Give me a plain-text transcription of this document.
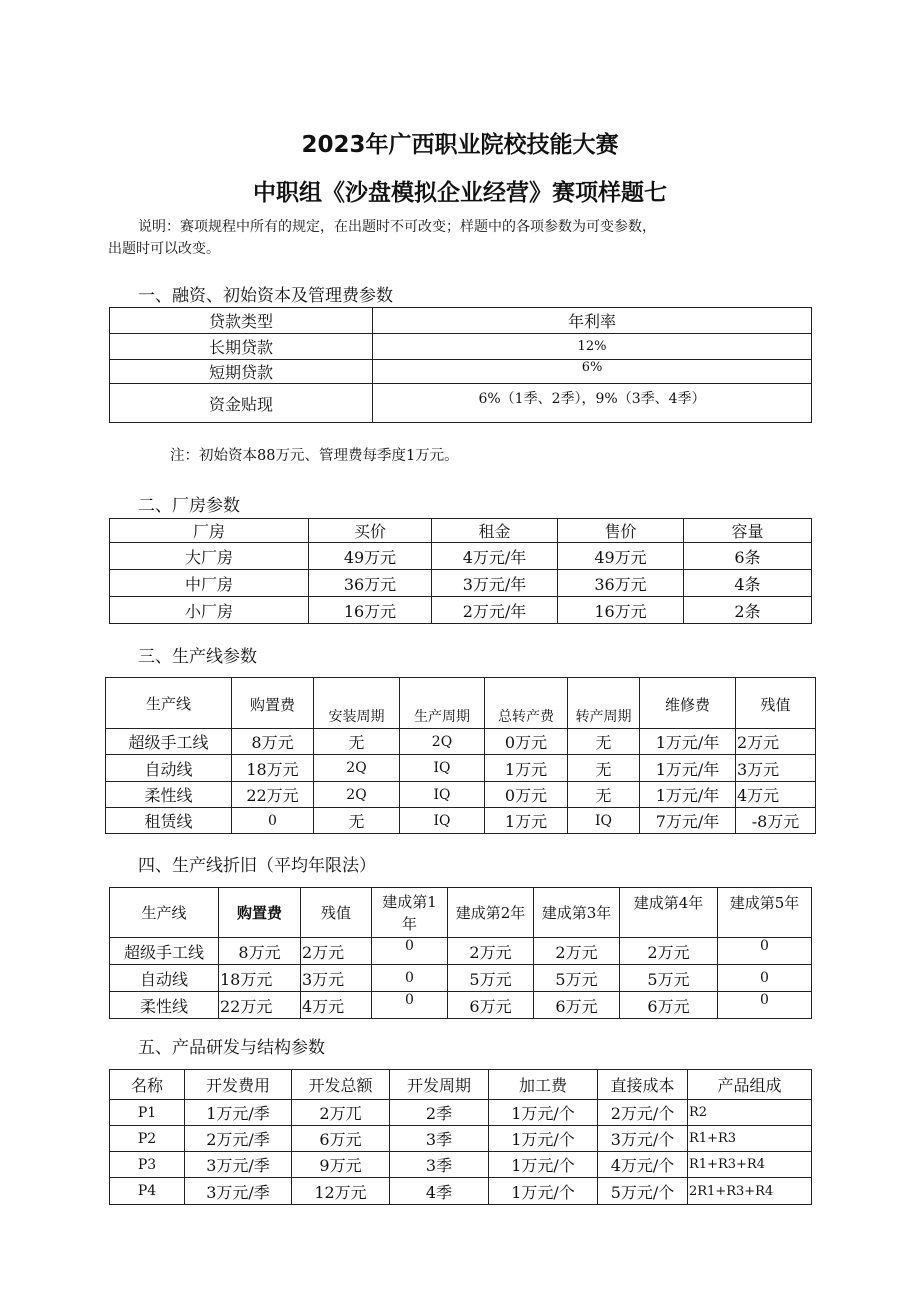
2023年广西职业院校技能大赛
中职组《沙盘模拟企业经营》赛项样题七

说明：赛项规程中所有的规定，在出题时不可改变；样题中的各项参数为可变参数，
出题时可以改变。

一、融资、初始资本及管理费参数
贷款类型	年利率
长期贷款	12%
短期贷款	6%
资金贴现	6%（1季、2季），9%（3季、4季）

注：初始资本88万元、管理费每季度1万元。

二、厂房参数
厂房	买价	租金	售价	容量
大厂房	49万元	4万元/年	49万元	6条
中厂房	36万元	3万元/年	36万元	4条
小厂房	16万元	2万元/年	16万元	2条
三、生产线参数
生产线	购置费	安装周期	生产周期	总转产费	转产周期	维修费	残值
超级手工线	8万元	无	2Q	0万元	无	1万元/年	2万元
自动线	18万元	2Q	IQ	1万元	无	1万元/年	3万元
柔性线	22万元	2Q	IQ	0万元	无	1万元/年	4万元
租赁线	0	无	IQ	1万元	IQ	7万元/年	-8万元
四、生产线折旧（平均年限法）
生产线	购置费	残值	建成第1年	建成第2年	建成第3年	建成第4年	建成第5年
超级手工线	8万元	2万元	0	2万元	2万元	2万元	0
自动线	18万元	3万元	0	5万元	5万元	5万元	0
柔性线	22万元	4万元	0	6万元	6万元	6万元	0
五、产品研发与结构参数
名称	开发费用	开发总额	开发周期	加工费	直接成本	产品组成
P1	1万元/季	2万兀	2季	1万元/个	2万元/个	R2
P2	2万元/季	6万元	3季	1万元/个	3万元/个	R1+R3
P3	3万元/季	9万元	3季	1万元/个	4万元/个	R1+R3+R4
P4	3万元/季	12万元	4季	1万元/个	5万元/个	2R1+R3+R4
